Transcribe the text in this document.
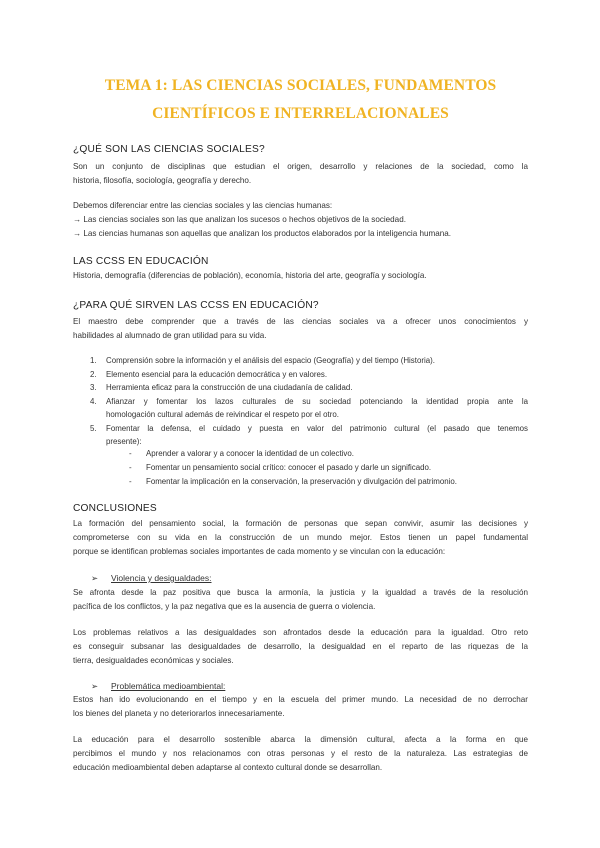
TEMA 1: LAS CIENCIAS SOCIALES, FUNDAMENTOS
CIENTÍFICOS E INTERRELACIONALES
¿QUÉ SON LAS CIENCIAS SOCIALES?
Son un conjunto de disciplinas que estudian el origen, desarrollo y relaciones de la sociedad, como la
historia, filosofía, sociología, geografía y derecho.
Debemos diferenciar entre las ciencias sociales y las ciencias humanas:
→ Las ciencias sociales son las que analizan los sucesos o hechos objetivos de la sociedad.
→ Las ciencias humanas son aquellas que analizan los productos elaborados por la inteligencia humana.
LAS CCSS EN EDUCACIÓN
Historia, demografía (diferencias de población), economía, historia del arte, geografía y sociología.
¿PARA QUÉ SIRVEN LAS CCSS EN EDUCACIÓN?
El maestro debe comprender que a través de las ciencias sociales va a ofrecer unos conocimientos y
habilidades al alumnado de gran utilidad para su vida.
1. Comprensión sobre la información y el análisis del espacio (Geografía) y del tiempo (Historia).
2. Elemento esencial para la educación democrática y en valores.
3. Herramienta eficaz para la construcción de una ciudadanía de calidad.
4. Afianzar y fomentar los lazos culturales de su sociedad potenciando la identidad propia ante la
homologación cultural además de reivindicar el respeto por el otro.
5. Fomentar la defensa, el cuidado y puesta en valor del patrimonio cultural (el pasado que tenemos
presente):
- Aprender a valorar y a conocer la identidad de un colectivo.
- Fomentar un pensamiento social crítico: conocer el pasado y darle un significado.
- Fomentar la implicación en la conservación, la preservación y divulgación del patrimonio.
CONCLUSIONES
La formación del pensamiento social, la formación de personas que sepan convivir, asumir las decisiones y
comprometerse con su vida en la construcción de un mundo mejor. Estos tienen un papel fundamental
porque se identifican problemas sociales importantes de cada momento y se vinculan con la educación:
➢ Violencia y desigualdades:
Se afronta desde la paz positiva que busca la armonía, la justicia y la igualdad a través de la resolución
pacífica de los conflictos, y la paz negativa que es la ausencia de guerra o violencia.
Los problemas relativos a las desigualdades son afrontados desde la educación para la igualdad. Otro reto
es conseguir subsanar las desigualdades de desarrollo, la desigualdad en el reparto de las riquezas de la
tierra, desigualdades económicas y sociales.
➢ Problemática medioambiental:
Estos han ido evolucionando en el tiempo y en la escuela del primer mundo. La necesidad de no derrochar
los bienes del planeta y no deteriorarlos innecesariamente.
La educación para el desarrollo sostenible abarca la dimensión cultural, afecta a la forma en que
percibimos el mundo y nos relacionamos con otras personas y el resto de la naturaleza. Las estrategias de
educación medioambiental deben adaptarse al contexto cultural donde se desarrollan.
